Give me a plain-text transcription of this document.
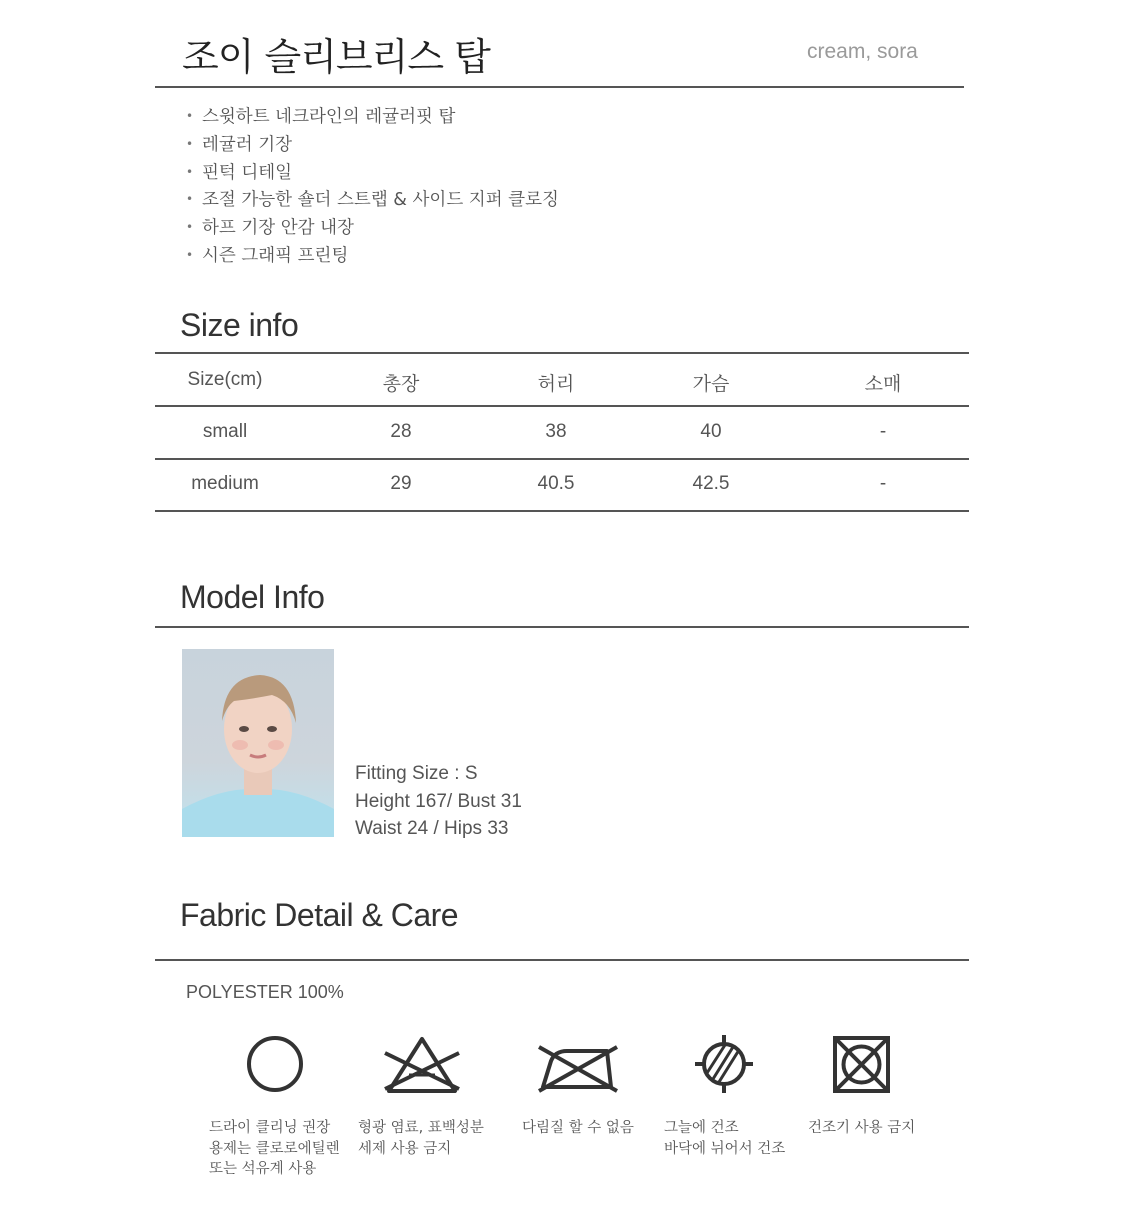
조이 슬리브리스 탑	cream, sora
• 스윗하트 네크라인의 레귤러핏 탑
• 레귤러 기장
• 핀턱 디테일
• 조절 가능한 숄더 스트랩 & 사이드 지퍼 클로징
• 하프 기장 안감 내장
• 시즌 그래픽 프린팅
Size info
Size(cm)	총장	허리	가슴	소매
small	28	38	40	-
medium	29	40.5	42.5	-
Model Info
Fitting Size : S
Height 167/ Bust 31
Waist 24 / Hips 33
Fabric Detail & Care
POLYESTER 100%
드라이 클리닝 권장
용제는 클로로에틸렌
또는 석유계 사용
형광 염료, 표백성분
세제 사용 금지
다림질 할 수 없음 그늘에 건조
바닥에 뉘어서 건조
건조기 사용 금지
